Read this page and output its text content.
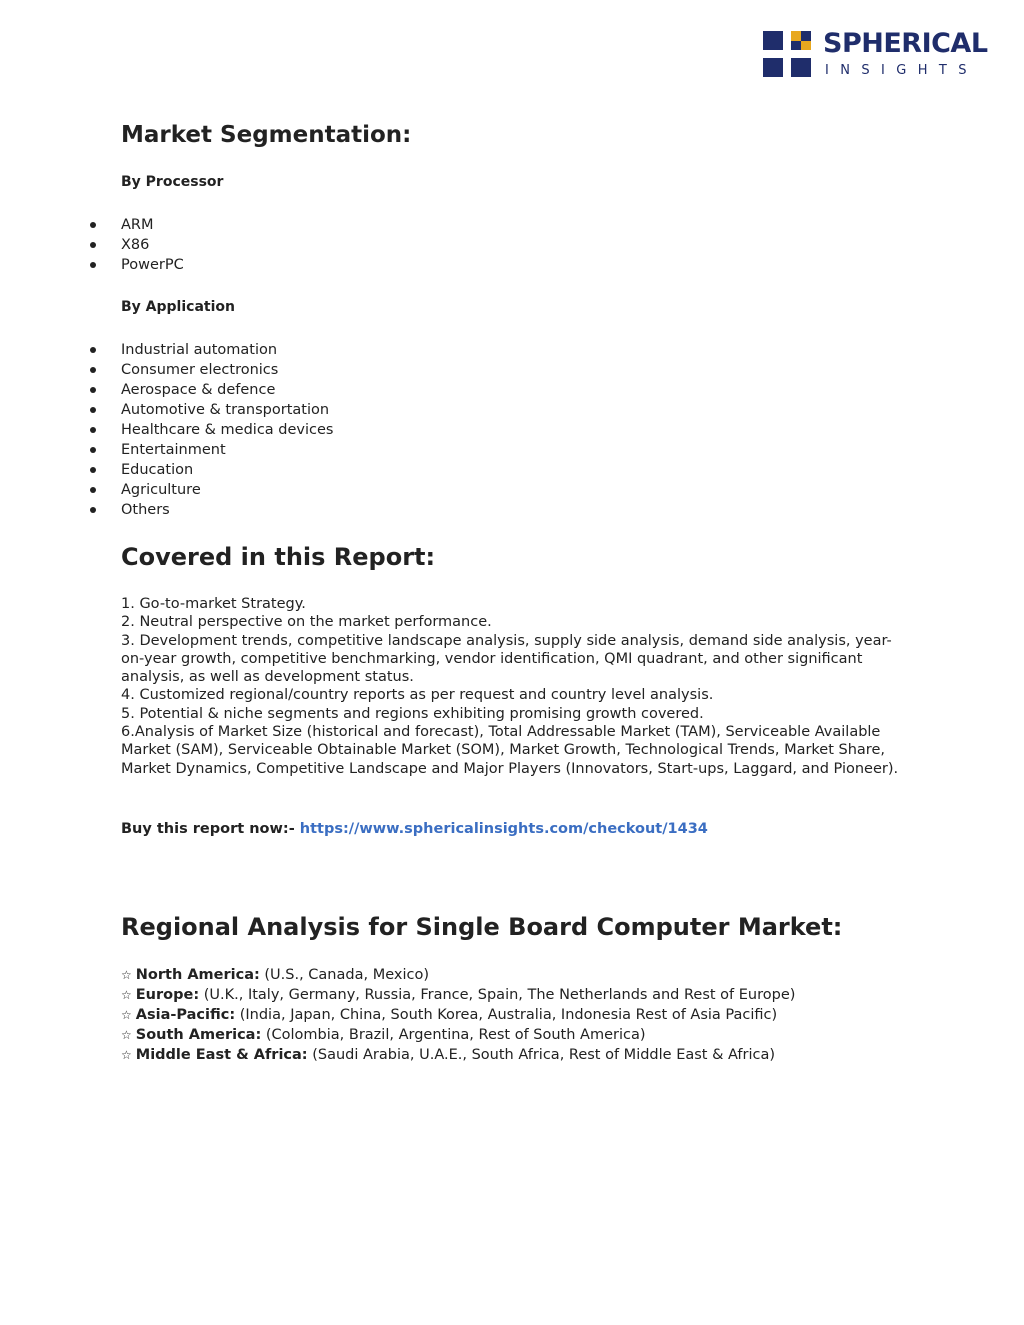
SPHERICAL
INSIGHTS
Market Segmentation:
By Processor
ARM
X86
PowerPC
By Application
Industrial automation
Consumer electronics
Aerospace & defence
Automotive & transportation
Healthcare & medica devices
Entertainment
Education
Agriculture
Others
Covered in this Report:

1. Go-to-market Strategy.

2. Neutral perspective on the market performance.

3. Development trends, competitive landscape analysis, supply side analysis, demand side analysis, year-on-year growth, competitive benchmarking, vendor identification, QMI quadrant, and other significant analysis, as well as development status.

4. Customized regional/country reports as per request and country level analysis.

5. Potential & niche segments and regions exhibiting promising growth covered.

6.Analysis of Market Size (historical and forecast), Total Addressable Market (TAM), Serviceable Available Market (SAM), Serviceable Obtainable Market (SOM), Market Growth, Technological Trends, Market Share, Market Dynamics, Competitive Landscape and Major Players (Innovators, Start-ups, Laggard, and Pioneer).

Buy this report now:- https://www.sphericalinsights.com/checkout/1434
Regional Analysis for Single Board Computer Market:
☆ North America: (U.S., Canada, Mexico)
☆ Europe: (U.K., Italy, Germany, Russia, France, Spain, The Netherlands and Rest of Europe)
☆ Asia-Pacific: (India, Japan, China, South Korea, Australia, Indonesia Rest of Asia Pacific)
☆ South America: (Colombia, Brazil, Argentina, Rest of South America)
☆ Middle East & Africa: (Saudi Arabia, U.A.E., South Africa, Rest of Middle East & Africa)
